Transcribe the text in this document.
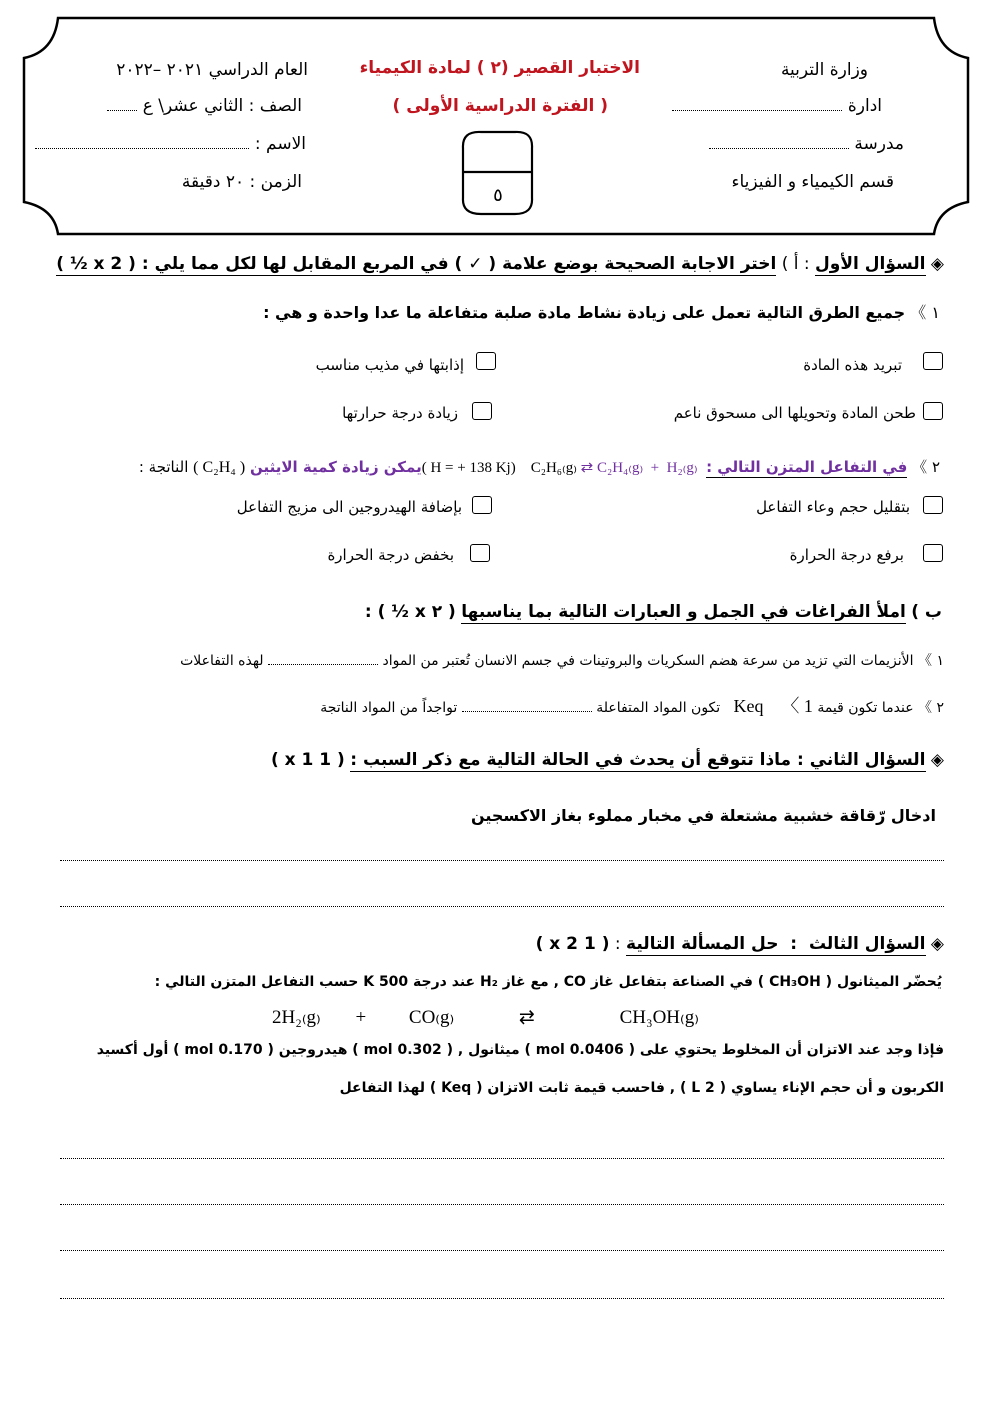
وزارة التربية
ادارة
مدرسة
قسم الكيمياء و الفيزياء
الاختبار القصير (٢ ) لمادة الكيمياء
( الفترة الدراسية الأولى )
٥
العام الدراسي ٢٠٢١ –٢٠٢٢
الصف : الثاني عشر\ ع
الاسم :
الزمن : ٢٠ دقيقة
◈ السؤال الأول : أ ) اختر الاجابة الصحيحة بوضع علامة ( ✓ ) في المربع المقابل لها لكل مما يلي : ( 2 x ½ )
١ 》 جميع الطرق التالية تعمل على زيادة نشاط مادة صلبة متفاعلة ما عدا واحدة و هي :
تبريد هذه المادة
إذابتها في مذيب مناسب
طحن المادة وتحويلها الى مسحوق ناعم
زيادة درجة حرارتها
٢ 》 في التفاعل المتزن التالي : ( H = + 138 Kj) C₂H₆₍g₎ ⇄ C₂H₄₍g₎ + H₂₍g₎ يمكن زيادة كمية الايثين ( C₂H₄ ) الناتجة :
بتقليل حجم وعاء التفاعل
بإضافة الهيدروجين الى مزيج التفاعل
برفع درجة الحرارة
بخفض درجة الحرارة
ب ) املأ الفراغات في الجمل و العبارات التالية بما يناسبها ( ٢ x ½ ) :
١ 》 الأنزيمات التي تزيد من سرعة هضم السكريات والبروتينات في جسم الانسان تُعتبر من المواد  لهذه التفاعلات
٢ 》 عندما تكون قيمة 〈 1    Keq   تكون المواد المتفاعلة  تواجداً من المواد الناتجة
◈ السؤال الثاني : ماذا تتوقع أن يحدث في الحالة التالية مع ذكر السبب : ( 1 x 1 )
ادخال رّقاقة خشبية مشتعلة في مخبار مملوء بغاز الاكسجين
◈ السؤال الثالث  :  حل المسألة التالية : ( 1 x 2 )
يُحضّر الميثانول ( CH₃OH ) في الصناعة بتفاعل غاز CO , مع غاز H₂ عند درجة 500 K حسب التفاعل المتزن التالي :
2H₂₍g₎ + CO₍g₎	⇄	CH₃OH₍g₎
فإذا وجد عند الاتزان أن المخلوط يحتوي على ( 0.0406 mol ) ميثانول , ( 0.302 mol ) هيدروجين ( 0.170 mol ) أول أكسيد
الكربون و أن حجم الإناء يساوي ( 2 L ) , فاحسب قيمة ثابت الاتزان ( Keq ) لهذا التفاعل
